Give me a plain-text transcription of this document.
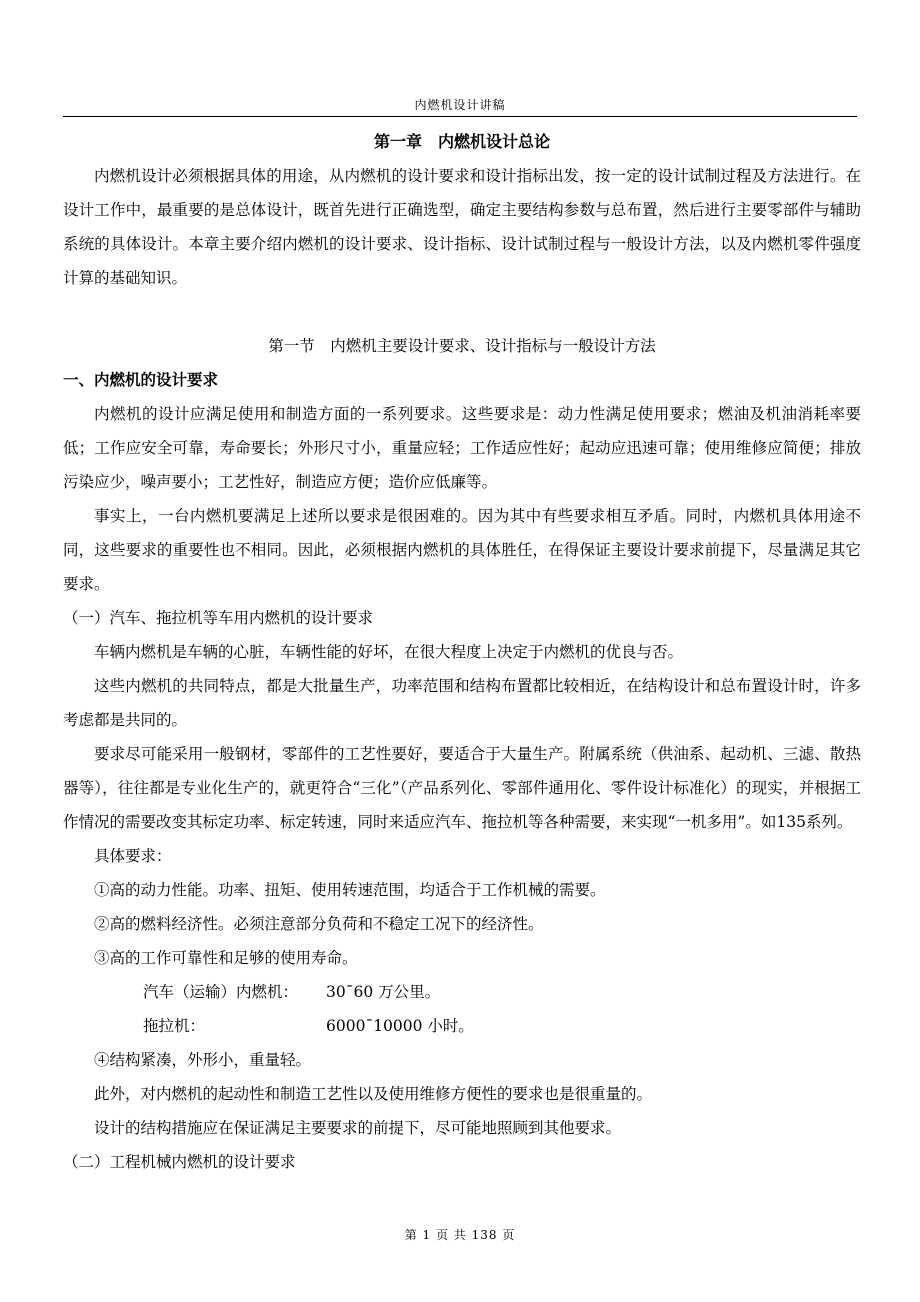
内燃机设计讲稿

第一章　内燃机设计总论

内燃机设计必须根据具体的用途，从内燃机的设计要求和设计指标出发，按一定的设计试制过程及方法进行。在设计工作中，最重要的是总体设计，既首先进行正确选型，确定主要结构参数与总布置，然后进行主要零部件与辅助系统的具体设计。本章主要介绍内燃机的设计要求、设计指标、设计试制过程与一般设计方法，以及内燃机零件强度计算的基础知识。

第一节　内燃机主要设计要求、设计指标与一般设计方法

一、内燃机的设计要求

内燃机的设计应满足使用和制造方面的一系列要求。这些要求是：动力性满足使用要求；燃油及机油消耗率要低；工作应安全可靠，寿命要长；外形尺寸小，重量应轻；工作适应性好；起动应迅速可靠；使用维修应简便；排放污染应少，噪声要小；工艺性好，制造应方便；造价应低廉等。

事实上，一台内燃机要满足上述所以要求是很困难的。因为其中有些要求相互矛盾。同时，内燃机具体用途不同，这些要求的重要性也不相同。因此，必须根据内燃机的具体胜任，在得保证主要设计要求前提下，尽量满足其它要求。

（一）汽车、拖拉机等车用内燃机的设计要求

车辆内燃机是车辆的心脏，车辆性能的好坏，在很大程度上决定于内燃机的优良与否。

这些内燃机的共同特点，都是大批量生产，功率范围和结构布置都比较相近，在结构设计和总布置设计时，许多考虑都是共同的。

要求尽可能采用一般钢材，零部件的工艺性要好，要适合于大量生产。附属系统（供油系、起动机、三滤、散热器等），往往都是专业化生产的，就更符合“三化”（产品系列化、零部件通用化、零件设计标准化）的现实，并根据工作情况的需要改变其标定功率、标定转速，同时来适应汽车、拖拉机等各种需要，来实现“一机多用”。如135系列。

具体要求：

①高的动力性能。功率、扭矩、使用转速范围，均适合于工作机械的需要。

②高的燃料经济性。必须注意部分负荷和不稳定工况下的经济性。

③高的工作可靠性和足够的使用寿命。

汽车（运输）内燃机： 30¯60 万公里。

拖拉机：	6000¯10000 小时。

④结构紧凑，外形小，重量轻。

此外，对内燃机的起动性和制造工艺性以及使用维修方便性的要求也是很重量的。

设计的结构措施应在保证满足主要要求的前提下，尽可能地照顾到其他要求。

（二）工程机械内燃机的设计要求

第 1 页 共 138 页
